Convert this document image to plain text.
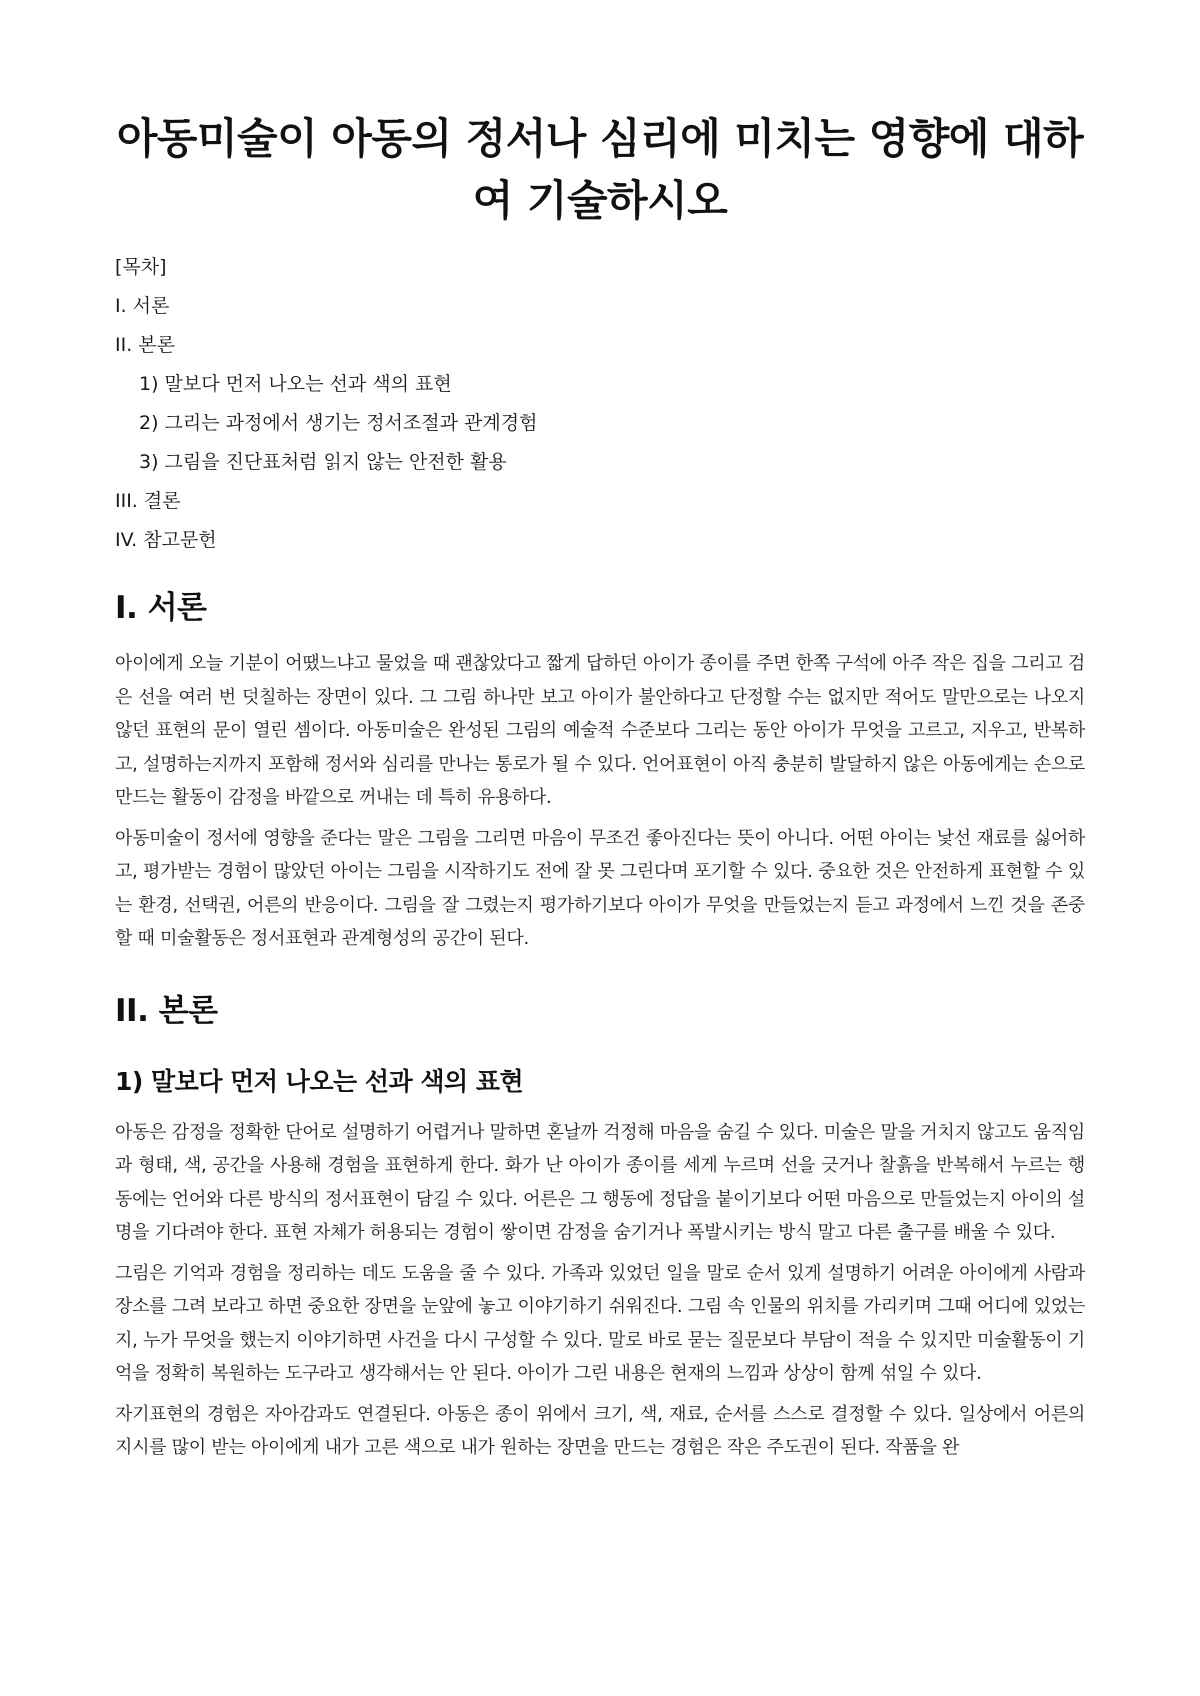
아동미술이 아동의 정서나 심리에 미치는 영향에 대하여 기술하시오

[목차]

I. 서론

II. 본론

1) 말보다 먼저 나오는 선과 색의 표현

2) 그리는 과정에서 생기는 정서조절과 관계경험

3) 그림을 진단표처럼 읽지 않는 안전한 활용

III. 결론

IV. 참고문헌

I. 서론

아이에게 오늘 기분이 어땠느냐고 물었을 때 괜찮았다고 짧게 답하던 아이가 종이를 주면 한쪽 구석에 아주 작은 집을 그리고 검은 선을 여러 번 덧칠하는 장면이 있다. 그 그림 하나만 보고 아이가 불안하다고 단정할 수는 없지만 적어도 말만으로는 나오지 않던 표현의 문이 열린 셈이다. 아동미술은 완성된 그림의 예술적 수준보다 그리는 동안 아이가 무엇을 고르고, 지우고, 반복하고, 설명하는지까지 포함해 정서와 심리를 만나는 통로가 될 수 있다. 언어표현이 아직 충분히 발달하지 않은 아동에게는 손으로 만드는 활동이 감정을 바깥으로 꺼내는 데 특히 유용하다.

아동미술이 정서에 영향을 준다는 말은 그림을 그리면 마음이 무조건 좋아진다는 뜻이 아니다. 어떤 아이는 낯선 재료를 싫어하고, 평가받는 경험이 많았던 아이는 그림을 시작하기도 전에 잘 못 그린다며 포기할 수 있다. 중요한 것은 안전하게 표현할 수 있는 환경, 선택권, 어른의 반응이다. 그림을 잘 그렸는지 평가하기보다 아이가 무엇을 만들었는지 듣고 과정에서 느낀 것을 존중할 때 미술활동은 정서표현과 관계형성의 공간이 된다.

II. 본론
1) 말보다 먼저 나오는 선과 색의 표현

아동은 감정을 정확한 단어로 설명하기 어렵거나 말하면 혼날까 걱정해 마음을 숨길 수 있다. 미술은 말을 거치지 않고도 움직임과 형태, 색, 공간을 사용해 경험을 표현하게 한다. 화가 난 아이가 종이를 세게 누르며 선을 긋거나 찰흙을 반복해서 누르는 행동에는 언어와 다른 방식의 정서표현이 담길 수 있다. 어른은 그 행동에 정답을 붙이기보다 어떤 마음으로 만들었는지 아이의 설명을 기다려야 한다. 표현 자체가 허용되는 경험이 쌓이면 감정을 숨기거나 폭발시키는 방식 말고 다른 출구를 배울 수 있다.

그림은 기억과 경험을 정리하는 데도 도움을 줄 수 있다. 가족과 있었던 일을 말로 순서 있게 설명하기 어려운 아이에게 사람과 장소를 그려 보라고 하면 중요한 장면을 눈앞에 놓고 이야기하기 쉬워진다. 그림 속 인물의 위치를 가리키며 그때 어디에 있었는지, 누가 무엇을 했는지 이야기하면 사건을 다시 구성할 수 있다. 말로 바로 묻는 질문보다 부담이 적을 수 있지만 미술활동이 기억을 정확히 복원하는 도구라고 생각해서는 안 된다. 아이가 그린 내용은 현재의 느낌과 상상이 함께 섞일 수 있다.

자기표현의 경험은 자아감과도 연결된다. 아동은 종이 위에서 크기, 색, 재료, 순서를 스스로 결정할 수 있다. 일상에서 어른의 지시를 많이 받는 아이에게 내가 고른 색으로 내가 원하는 장면을 만드는 경험은 작은 주도권이 된다. 작품을 완
